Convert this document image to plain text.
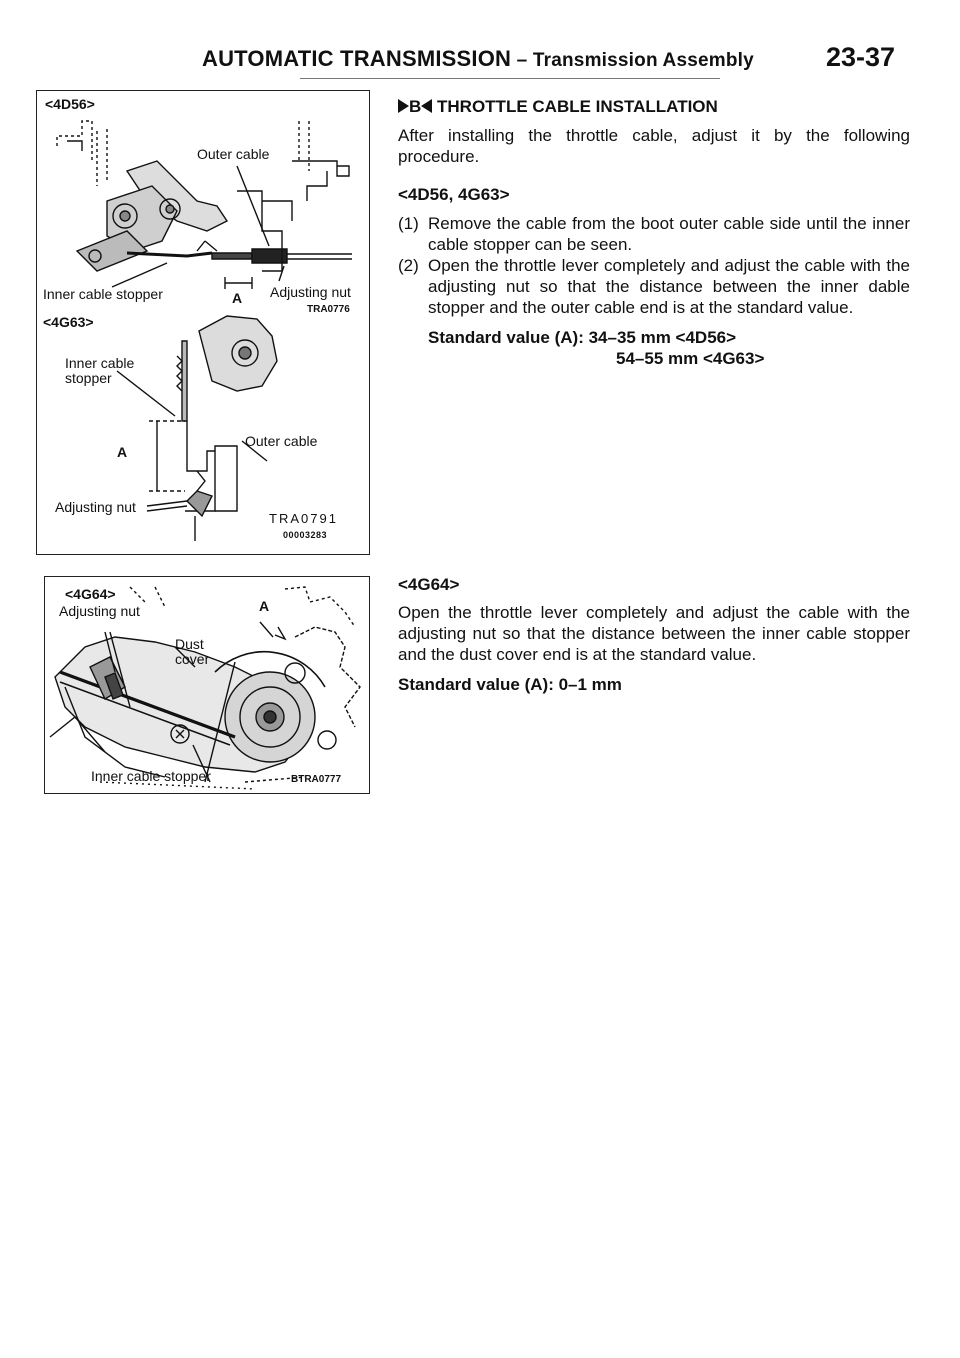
AUTOMATIC TRANSMISSION – Transmission Assembly	23-37
<4D56>
Outer cable
Inner cable stopper	A Adjusting nut
TRA0776
<4G63>
Inner cable
stopper
A
Outer cable
Adjusting nut
TRA0791
00003283
<4G64>
Adjusting nut	A
Dust
cover
Inner cable stopper	BTRA0777
B THROTTLE CABLE INSTALLATION

After installing the throttle cable, adjust it by the following procedure.

<4D56, 4G63>

(1) Remove the cable from the boot outer cable side until the inner cable stopper can be seen.

(2) Open the throttle lever completely and adjust the cable with the adjusting nut so that the distance between the inner dable stopper and the outer cable end is at the standard value.

Standard value (A): 34–35 mm <4D56>
54–55 mm <4G63>

<4G64>

Open the throttle lever completely and adjust the cable with the adjusting nut so that the distance between the inner cable stopper and the dust cover end is at the standard value.

Standard value (A): 0–1 mm
